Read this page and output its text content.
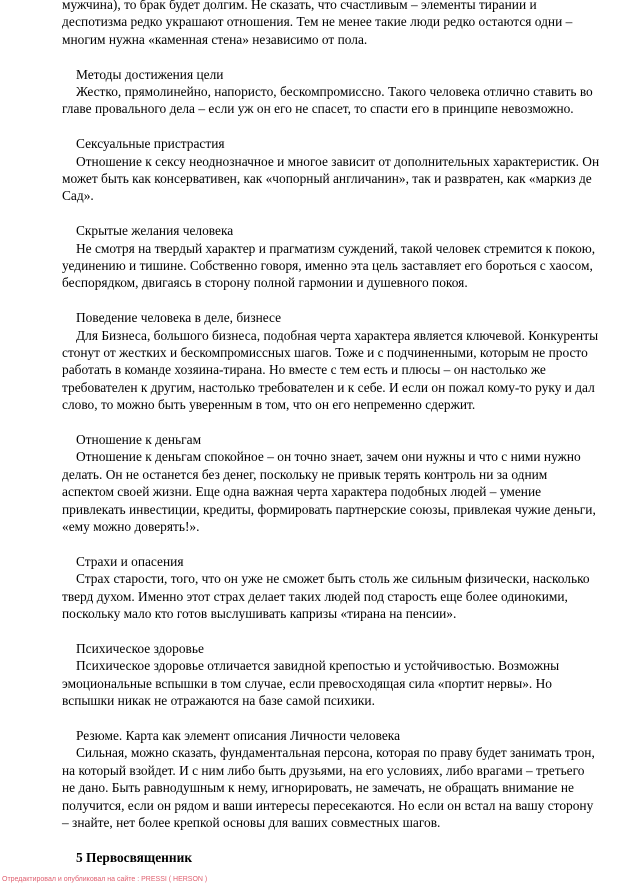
мужчина), то брак будет долгим. Не сказать, что счастливым – элементы тирании и деспотизма редко украшают отношения. Тем не менее такие люди редко остаются одни – многим нужна «каменная стена» независимо от пола.
Методы достижения цели
Жестко, прямолинейно, напористо, бескомпромиссно. Такого человека отлично ставить во главе провального дела – если уж он его не спасет, то спасти его в принципе невозможно.
Сексуальные пристрастия
Отношение к сексу неоднозначное и многое зависит от дополнительных характеристик. Он может быть как консервативен, как «чопорный англичанин», так и развратен, как «маркиз де Сад».
Скрытые желания человека
Не смотря на твердый характер и прагматизм суждений, такой человек стремится к покою, уединению и тишине. Собственно говоря, именно эта цель заставляет его бороться с хаосом, беспорядком, двигаясь в сторону полной гармонии и душевного покоя.
Поведение человека в деле, бизнесе
Для Бизнеса, большого бизнеса, подобная черта характера является ключевой. Конкуренты стонут от жестких и бескомпромиссных шагов. Тоже и с подчиненными, которым не просто работать в команде хозяина-тирана. Но вместе с тем есть и плюсы – он настолько же требователен к другим, настолько требователен и к себе. И если он пожал кому-то руку и дал слово, то можно быть уверенным в том, что он его непременно сдержит.
Отношение к деньгам
Отношение к деньгам спокойное – он точно знает, зачем они нужны и что с ними нужно делать. Он не останется без денег, поскольку не привык терять контроль ни за одним аспектом своей жизни. Еще одна важная черта характера подобных людей – умение привлекать инвестиции, кредиты, формировать партнерские союзы, привлекая чужие деньги, «ему можно доверять!».
Страхи и опасения
Страх старости, того, что он уже не сможет быть столь же сильным физически, насколько тверд духом. Именно этот страх делает таких людей под старость еще более одинокими, поскольку мало кто готов выслушивать капризы «тирана на пенсии».
Психическое здоровье
Психическое здоровье отличается завидной крепостью и устойчивостью. Возможны эмоциональные вспышки в том случае, если превосходящая сила «портит нервы». Но вспышки никак не отражаются на базе самой психики.
Резюме. Карта как элемент описания Личности человека
Сильная, можно сказать, фундаментальная персона, которая по праву будет занимать трон, на который взойдет. И с ним либо быть друзьями, на его условиях, либо врагами – третьего не дано. Быть равнодушным к нему, игнорировать, не замечать, не обращать внимание не получится, если он рядом и ваши интересы пересекаются. Но если он встал на вашу сторону – знайте, нет более крепкой основы для ваших совместных шагов.
5 Первосвященник
Отредактировал и опубликовал на сайте : PRESSI ( HERSON )
